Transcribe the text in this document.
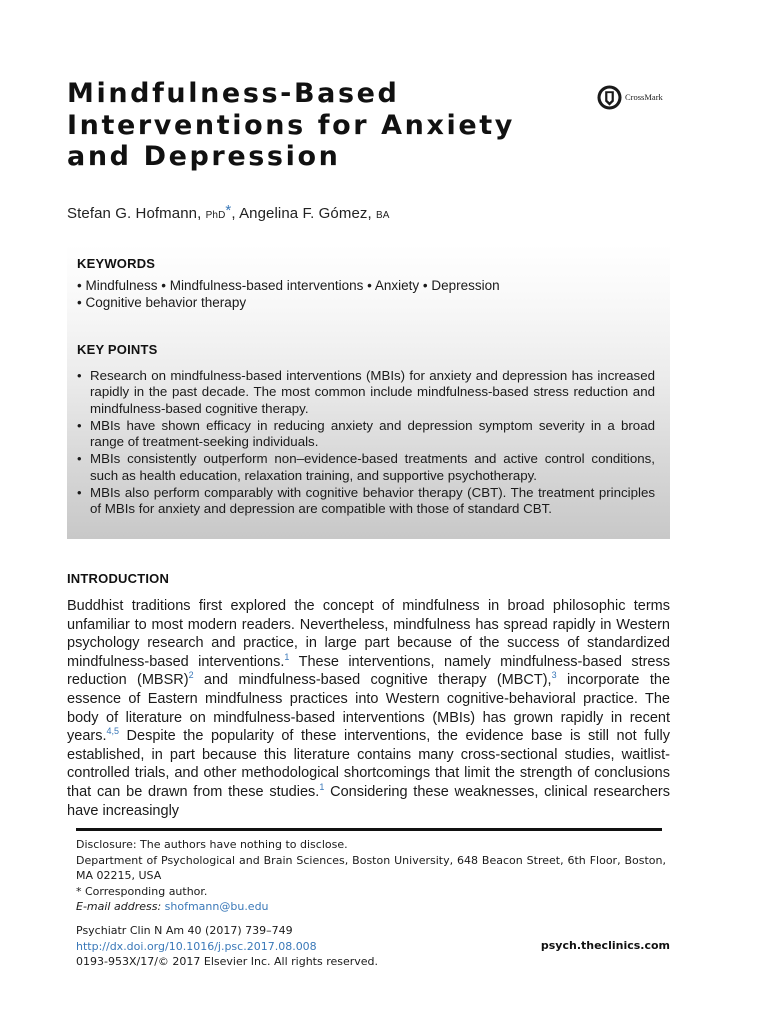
Mindfulness-Based
Interventions for Anxiety
and Depression
CrossMark
Stefan G. Hofmann, PhD*, Angelina F. Gómez, BA
KEYWORDS
• Mindfulness • Mindfulness-based interventions • Anxiety • Depression
• Cognitive behavior therapy
KEY POINTS
• Research on mindfulness-based interventions (MBIs) for anxiety and depression has increased rapidly in the past decade. The most common include mindfulness-based stress reduction and mindfulness-based cognitive therapy.
• MBIs have shown efficacy in reducing anxiety and depression symptom severity in a broad range of treatment-seeking individuals.
• MBIs consistently outperform non–evidence-based treatments and active control conditions, such as health education, relaxation training, and supportive psychotherapy.
• MBIs also perform comparably with cognitive behavior therapy (CBT). The treatment principles of MBIs for anxiety and depression are compatible with those of standard CBT.
INTRODUCTION

Buddhist traditions first explored the concept of mindfulness in broad philosophic terms unfamiliar to most modern readers. Nevertheless, mindfulness has spread rapidly in Western psychology research and practice, in large part because of the success of standardized mindfulness-based interventions.$^1$ These interventions, namely mindfulness-based stress reduction (MBSR)$^2$ and mindfulness-based cognitive therapy (MBCT),$^3$ incorporate the essence of Eastern mindfulness practices into Western cognitive-behavioral practice. The body of literature on mindfulness-based interventions (MBIs) has grown rapidly in recent years.$^{4,5}$ Despite the popularity of these interventions, the evidence base is still not fully established, in part because this literature contains many cross-sectional studies, waitlist-controlled trials, and other methodological shortcomings that limit the strength of conclusions that can be drawn from these studies.$^1$ Considering these weaknesses, clinical researchers have increasingly

Disclosure: The authors have nothing to disclose.

Department of Psychological and Brain Sciences, Boston University, 648 Beacon Street, 6th Floor, Boston, MA 02215, USA

* Corresponding author.

E-mail address: shofmann@bu.edu

Psychiatr Clin N Am 40 (2017) 739–749

http://dx.doi.org/10.1016/j.psc.2017.08.008

0193-953X/17/© 2017 Elsevier Inc. All rights reserved.

psych.theclinics.com
